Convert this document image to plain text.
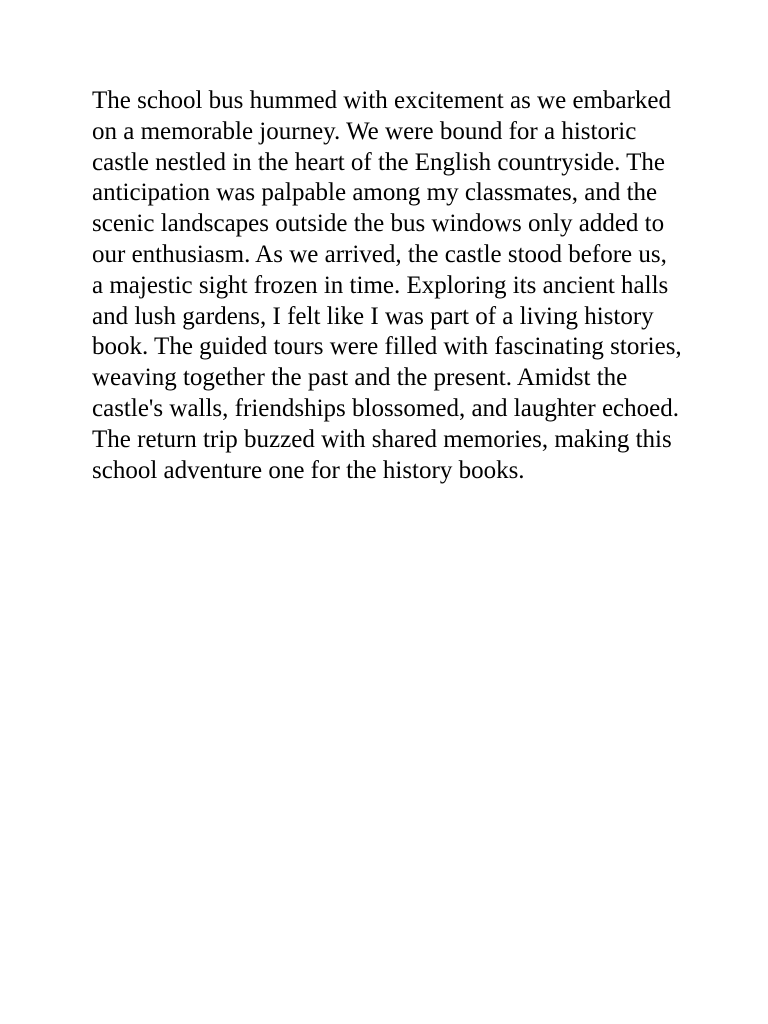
The school bus hummed with excitement as we embarked on a memorable journey. We were bound for a historic castle nestled in the heart of the English countryside. The anticipation was palpable among my classmates, and the scenic landscapes outside the bus windows only added to our enthusiasm. As we arrived, the castle stood before us, a majestic sight frozen in time. Exploring its ancient halls and lush gardens, I felt like I was part of a living history book. The guided tours were filled with fascinating stories, weaving together the past and the present. Amidst the castle's walls, friendships blossomed, and laughter echoed. The return trip buzzed with shared memories, making this school adventure one for the history books.
